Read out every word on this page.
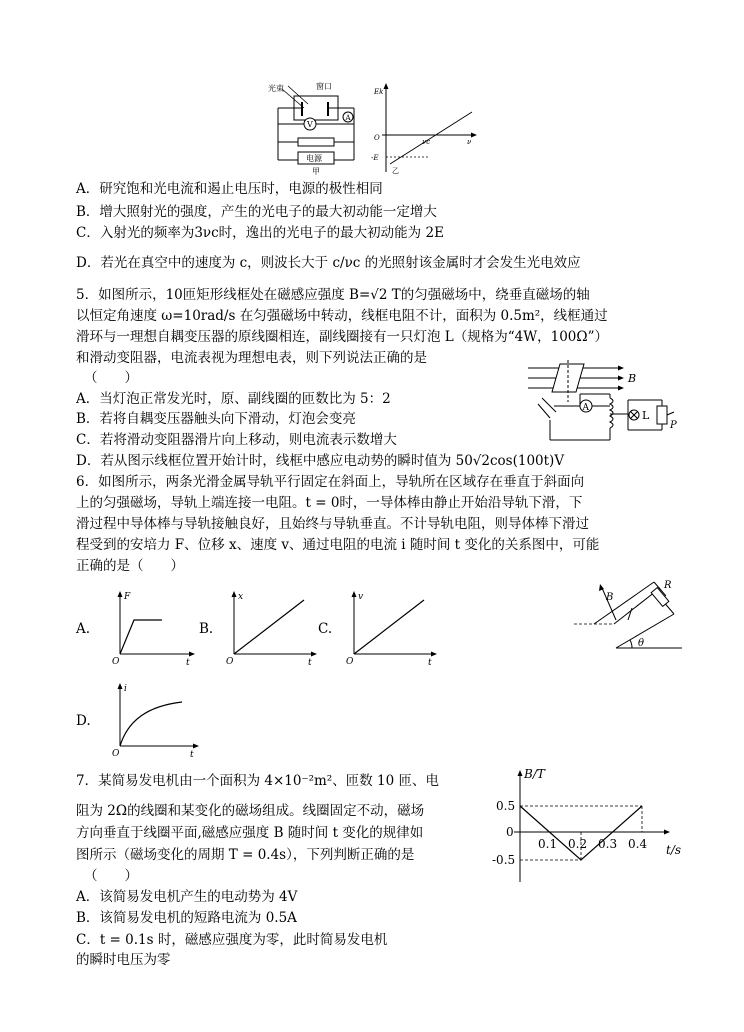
光束	窗口
V
A
电源
甲
Ek
O
-E
νc	ν
乙
A．研究饱和光电流和遏止电压时，电源的极性相同
B．增大照射光的强度，产生的光电子的最大初动能一定增大
C．入射光的频率为3νc时，逸出的光电子的最大初动能为 2E
D．若光在真空中的速度为 c，则波长大于 c/νc 的光照射该金属时才会发生光电效应
5．如图所示，10匝矩形线框处在磁感应强度 B=√2 T的匀强磁场中，绕垂直磁场的轴
以恒定角速度 ω=10rad/s 在匀强磁场中转动，线框电阻不计，面积为 0.5m²，线框通过
滑环与一理想自耦变压器的原线圈相连，副线圈接有一只灯泡 L（规格为“4W，100Ω”）
和滑动变阻器，电流表视为理想电表，则下列说法正确的是
（　　）
A．当灯泡正常发光时，原、副线圈的匝数比为 5：2
B．若将自耦变压器触头向下滑动，灯泡会变亮
C．若将滑动变阻器滑片向上移动，则电流表示数增大
D．若从图示线框位置开始计时，线框中感应电动势的瞬时值为 50√2cos(100t)V
B
A
L
P
6．如图所示，两条光滑金属导轨平行固定在斜面上，导轨所在区域存在垂直于斜面向
上的匀强磁场，导轨上端连接一电阻。t = 0时，一导体棒由静止开始沿导轨下滑，下
滑过程中导体棒与导轨接触良好，且始终与导轨垂直。不计导轨电阻，则导体棒下滑过
程受到的安培力 F、位移 x、速度 v、通过电阻的电流 i 随时间 t 变化的关系图中，可能
正确的是（　　）
A.
F
O	t
B.
x
O	t
C.
v
O	t
B
R
θ
D.
i
O	t
7．某简易发电机由一个面积为 4×10⁻²m²、匝数 10 匝、电
阻为 2Ω的线圈和某变化的磁场组成。线圈固定不动，磁场
方向垂直于线圈平面,磁感应强度 B 随时间 t 变化的规律如
图所示（磁场变化的周期 T = 0.4s），下列判断正确的是
（　　）
A．该简易发电机产生的电动势为 4V
B．该简易发电机的短路电流为 0.5A
C．t = 0.1s 时，磁感应强度为零，此时简易发电机
的瞬时电压为零
B/T
t/s
0.5
0
-0.5
0.1 0.2 0.3 0.4
